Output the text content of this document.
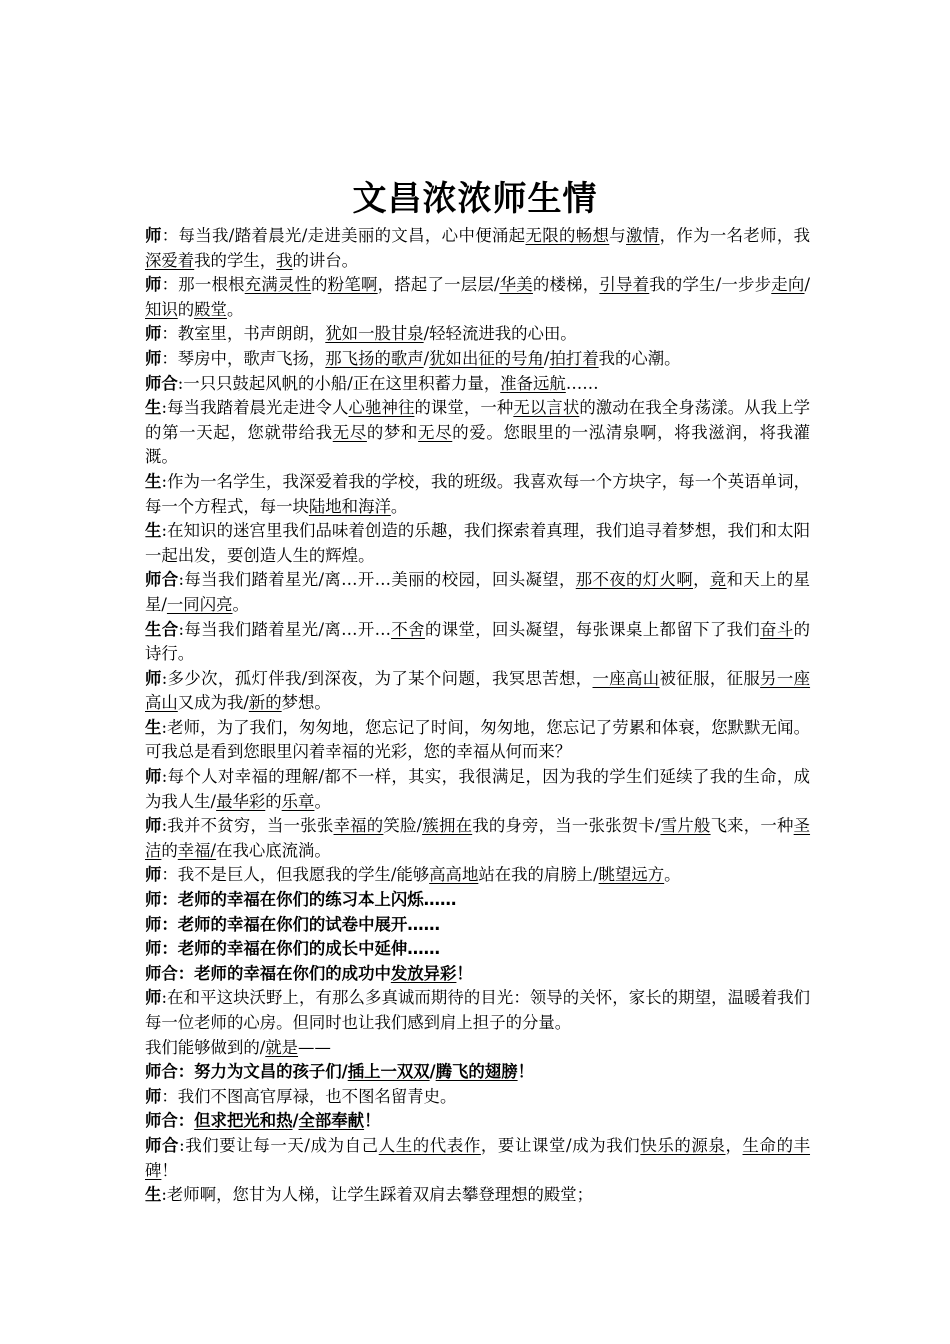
文昌浓浓师生情

师：每当我/踏着晨光/走进美丽的文昌，心中便涌起无限的畅想与激情，作为一名老师，我深爱着我的学生，我的讲台。

师：那一根根充满灵性的粉笔啊，搭起了一层层/华美的楼梯，引导着我的学生/一步步走向/知识的殿堂。

师：教室里，书声朗朗，犹如一股甘泉/轻轻流进我的心田。

师：琴房中，歌声飞扬，那飞扬的歌声/犹如出征的号角/拍打着我的心潮。

师合:一只只鼓起风帆的小船/正在这里积蓄力量，准备远航……

生:每当我踏着晨光走进令人心驰神往的课堂，一种无以言状的激动在我全身荡漾。从我上学的第一天起，您就带给我无尽的梦和无尽的爱。您眼里的一泓清泉啊，将我滋润，将我灌溉。

生:作为一名学生，我深爱着我的学校，我的班级。我喜欢每一个方块字，每一个英语单词，每一个方程式，每一块陆地和海洋。

生:在知识的迷宫里我们品味着创造的乐趣，我们探索着真理，我们追寻着梦想，我们和太阳一起出发，要创造人生的辉煌。

师合:每当我们踏着星光/离…开…美丽的校园，回头凝望，那不夜的灯火啊，竟和天上的星星/一同闪亮。

生合:每当我们踏着星光/离…开…不舍的课堂，回头凝望，每张课桌上都留下了我们奋斗的诗行。

师:多少次，孤灯伴我/到深夜，为了某个问题，我冥思苦想，一座高山被征服，征服另一座高山又成为我/新的梦想。

生:老师，为了我们，匆匆地，您忘记了时间，匆匆地，您忘记了劳累和体衰，您默默无闻。可我总是看到您眼里闪着幸福的光彩，您的幸福从何而来？

师:每个人对幸福的理解/都不一样，其实，我很满足，因为我的学生们延续了我的生命，成为我人生/最华彩的乐章。

师:我并不贫穷，当一张张幸福的笑脸/簇拥在我的身旁，当一张张贺卡/雪片般飞来，一种圣洁的幸福/在我心底流淌。

师：我不是巨人，但我愿我的学生/能够高高地站在我的肩膀上/眺望远方。

师：老师的幸福在你们的练习本上闪烁……

师：老师的幸福在你们的试卷中展开……

师：老师的幸福在你们的成长中延伸……

师合：老师的幸福在你们的成功中发放异彩！

师:在和平这块沃野上，有那么多真诚而期待的目光：领导的关怀，家长的期望，温暖着我们每一位老师的心房。但同时也让我们感到肩上担子的分量。

我们能够做到的/就是——

师合：努力为文昌的孩子们/插上一双双/腾飞的翅膀！

师：我们不图高官厚禄，也不图名留青史。

师合：但求把光和热/全部奉献！

师合:我们要让每一天/成为自己人生的代表作，要让课堂/成为我们快乐的源泉，生命的丰碑！

生:老师啊，您甘为人梯，让学生踩着双肩去攀登理想的殿堂；
